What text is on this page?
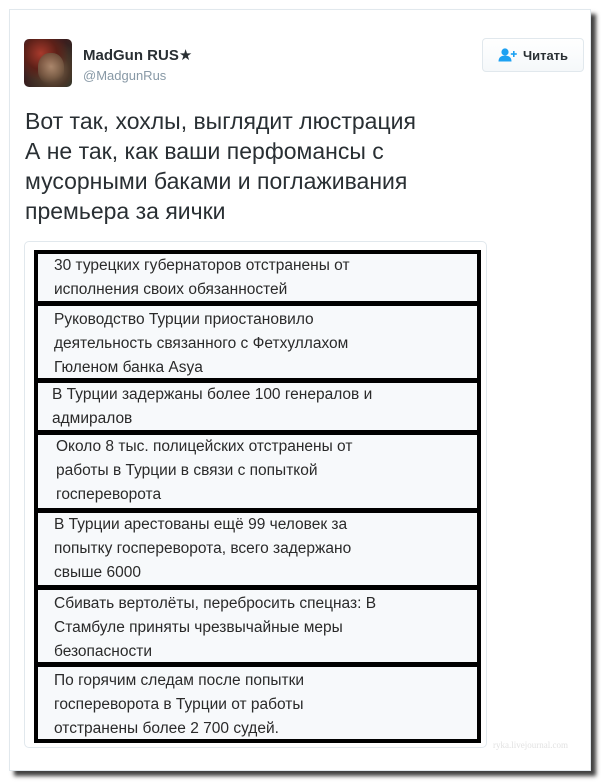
MadGun RUS★
@MadgunRus
Читать
Вот так, хохлы, выглядит люстрация
А не так, как ваши перфомансы с
мусорными баками и поглаживания
премьера за яички
30 турецких губернаторов отстранены от
исполнения своих обязанностей
Руководство Турции приостановило
деятельность связанного с Фетхуллахом
Гюленом банка Asya
В Турции задержаны более 100 генералов и
адмиралов
Около 8 тыс. полицейских отстранены от
работы в Турции в связи с попыткой
госпереворота
В Турции арестованы ещё 99 человек за
попытку госпереворота, всего задержано
свыше 6000
Сбивать вертолёты, перебросить спецназ: В
Стамбуле приняты чрезвычайные меры
безопасности
По горячим следам после попытки
госпереворота в Турции от работы
отстранены более 2 700 судей.
ryka.livejournal.com
